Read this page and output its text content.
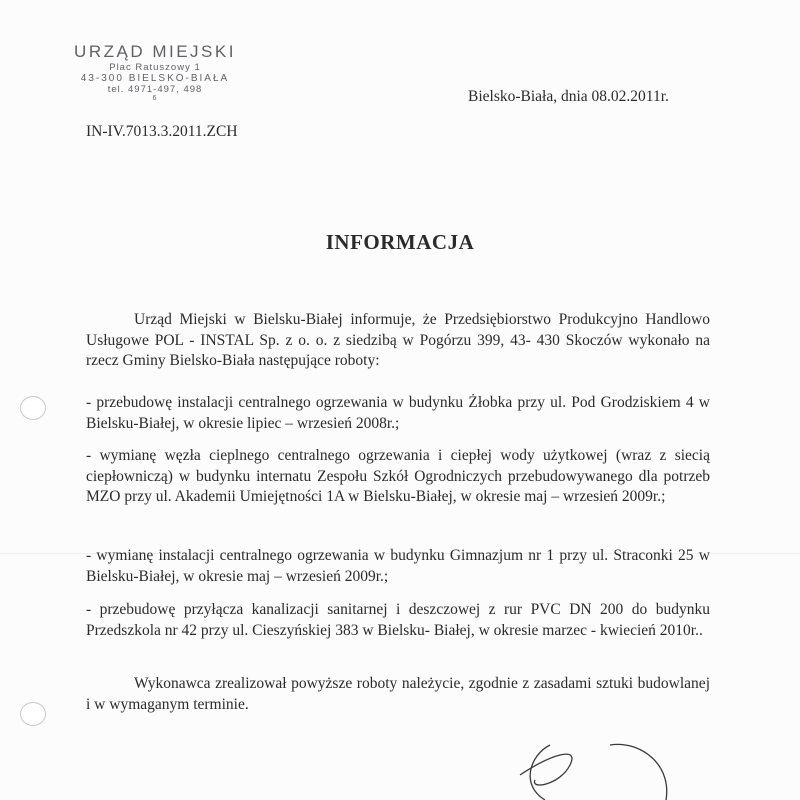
URZĄD MIEJSKI
Plac Ratuszowy 1
43-300 BIELSKO-BIAŁA
tel. 4971-497, 498
6	Bielsko-Biała, dnia 08.02.2011r.
IN-IV.7013.3.2011.ZCH
INFORMACJA
Urząd Miejski w Bielsku-Białej informuje, że Przedsiębiorstwo Produkcyjno Handlowo Usługowe POL - INSTAL Sp. z o. o. z siedzibą w Pogórzu 399, 43- 430 Skoczów wykonało na rzecz Gminy Bielsko-Biała następujące roboty:
- przebudowę instalacji centralnego ogrzewania w budynku Żłobka przy ul. Pod Grodziskiem 4 w Bielsku-Białej, w okresie lipiec – wrzesień 2008r.;
- wymianę węzła cieplnego centralnego ogrzewania i ciepłej wody użytkowej (wraz z siecią ciepłowniczą) w budynku internatu Zespołu Szkół Ogrodniczych przebudowywanego dla potrzeb MZO przy ul. Akademii Umiejętności 1A w Bielsku-Białej, w okresie maj – wrzesień 2009r.;
- wymianę instalacji centralnego ogrzewania w budynku Gimnazjum nr 1 przy ul. Straconki 25 w Bielsku-Białej, w okresie maj – wrzesień 2009r.;
- przebudowę przyłącza kanalizacji sanitarnej i deszczowej z rur PVC DN 200 do budynku Przedszkola nr 42 przy ul. Cieszyńskiej 383 w Bielsku- Białej, w okresie marzec - kwiecień 2010r..
Wykonawca zrealizował powyższe roboty należycie, zgodnie z zasadami sztuki budowlanej i w wymaganym terminie.
